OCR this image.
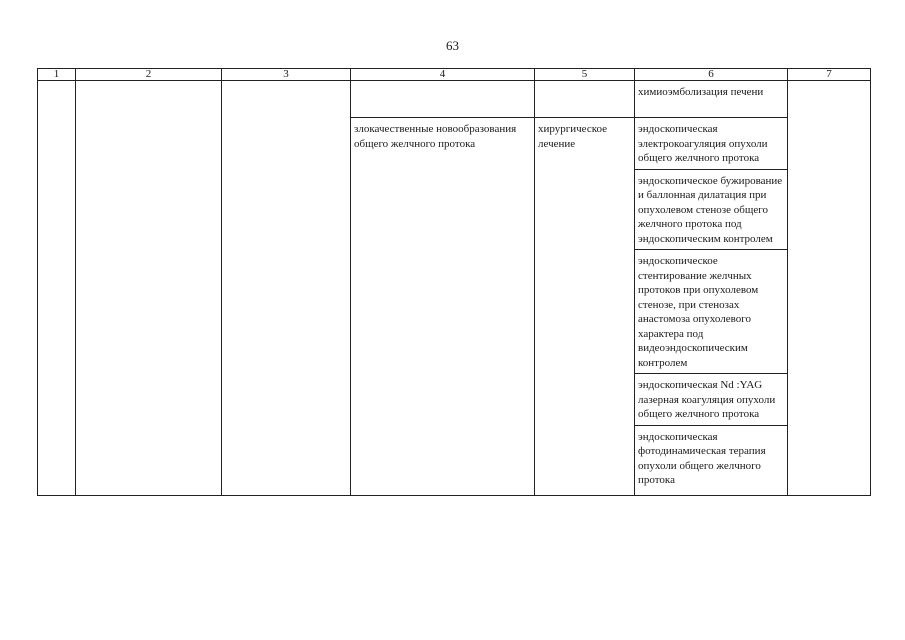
63
1	2	3	4	5	6	7

					химиоэмболизация печени	

			злокачественные новообразования общего желчного протока	хирургическое лечение	эндоскопическая электрокоагуляция опухоли общего желчного протока	

					эндоскопическое бужирование и баллонная дилатация при опухолевом стенозе общего желчного протока под эндоскопическим контролем	

					эндоскопическое стентирование желчных протоков при опухолевом стенозе, при стенозах анастомоза опухолевого характера под видеоэндоскопическим контролем	

					эндоскопическая Nd :YAG лазерная коагуляция опухоли общего желчного протока	

					эндоскопическая фотодинамическая терапия опухоли общего желчного протока	
